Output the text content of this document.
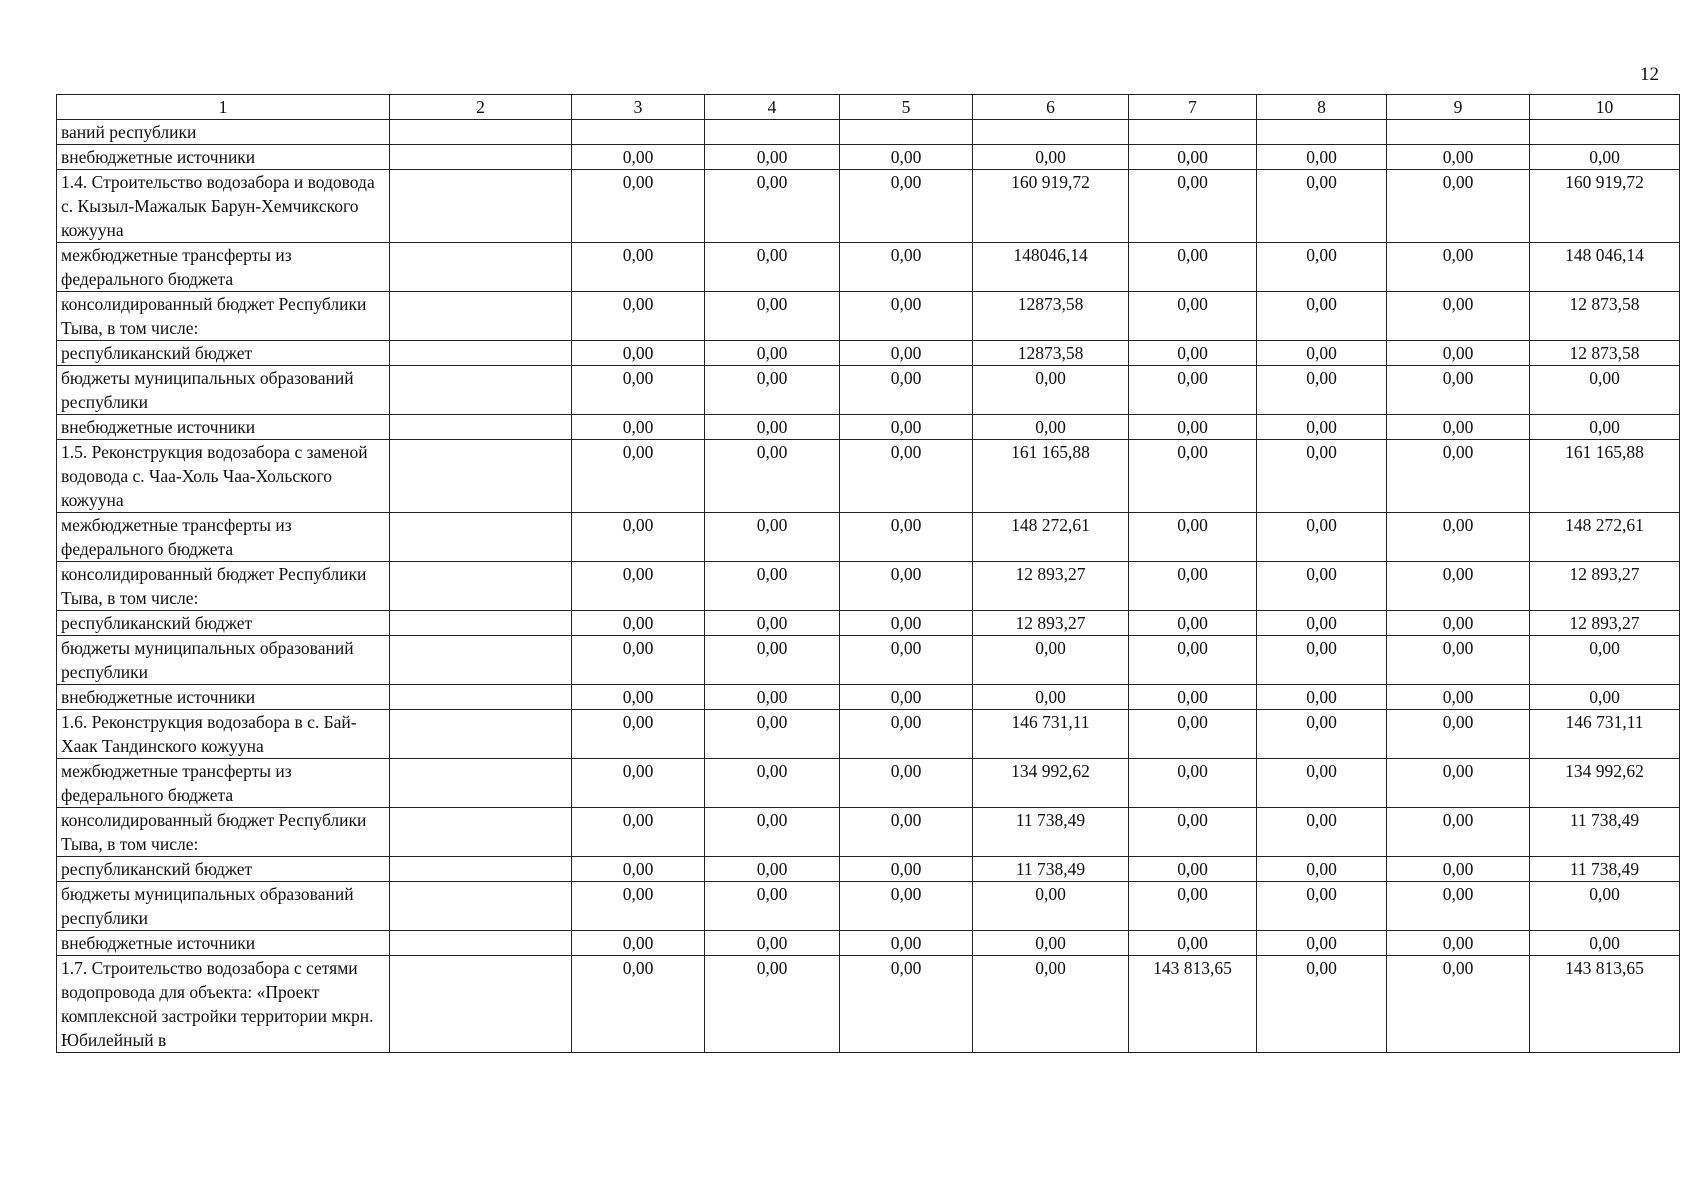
12
1	2	3	4	5	6	7	8	9	10
ваний республики									
внебюджетные источники		0,00	0,00	0,00	0,00	0,00	0,00	0,00	0,00
1.4. Строительство водозабора и водовода с. Кызыл-Мажалык Барун-Хемчикского кожууна		0,00	0,00	0,00	160 919,72	0,00	0,00	0,00	160 919,72
межбюджетные трансферты из федерального бюджета		0,00	0,00	0,00	148046,14	0,00	0,00	0,00	148 046,14
консолидированный бюджет Республики Тыва, в том числе:		0,00	0,00	0,00	12873,58	0,00	0,00	0,00	12 873,58
республиканский бюджет		0,00	0,00	0,00	12873,58	0,00	0,00	0,00	12 873,58
бюджеты муниципальных образований республики		0,00	0,00	0,00	0,00	0,00	0,00	0,00	0,00
внебюджетные источники		0,00	0,00	0,00	0,00	0,00	0,00	0,00	0,00
1.5. Реконструкция водозабора с заменой водовода с. Чаа-Холь Чаа-Хольского кожууна		0,00	0,00	0,00	161 165,88	0,00	0,00	0,00	161 165,88
межбюджетные трансферты из федерального бюджета		0,00	0,00	0,00	148 272,61	0,00	0,00	0,00	148 272,61
консолидированный бюджет Республики Тыва, в том числе:		0,00	0,00	0,00	12 893,27	0,00	0,00	0,00	12 893,27
республиканский бюджет		0,00	0,00	0,00	12 893,27	0,00	0,00	0,00	12 893,27
бюджеты муниципальных образований республики		0,00	0,00	0,00	0,00	0,00	0,00	0,00	0,00
внебюджетные источники		0,00	0,00	0,00	0,00	0,00	0,00	0,00	0,00
1.6. Реконструкция водозабора в с. Бай-Хаак Тандинского кожууна		0,00	0,00	0,00	146 731,11	0,00	0,00	0,00	146 731,11
межбюджетные трансферты из федерального бюджета		0,00	0,00	0,00	134 992,62	0,00	0,00	0,00	134 992,62
консолидированный бюджет Республики Тыва, в том числе:		0,00	0,00	0,00	11 738,49	0,00	0,00	0,00	11 738,49
республиканский бюджет		0,00	0,00	0,00	11 738,49	0,00	0,00	0,00	11 738,49
бюджеты муниципальных образований республики		0,00	0,00	0,00	0,00	0,00	0,00	0,00	0,00
внебюджетные источники		0,00	0,00	0,00	0,00	0,00	0,00	0,00	0,00
1.7. Строительство водозабора с сетями водопровода для объекта: «Проект комплексной застройки территории мкрн. Юбилейный в		0,00	0,00	0,00	0,00	143 813,65	0,00	0,00	143 813,65
